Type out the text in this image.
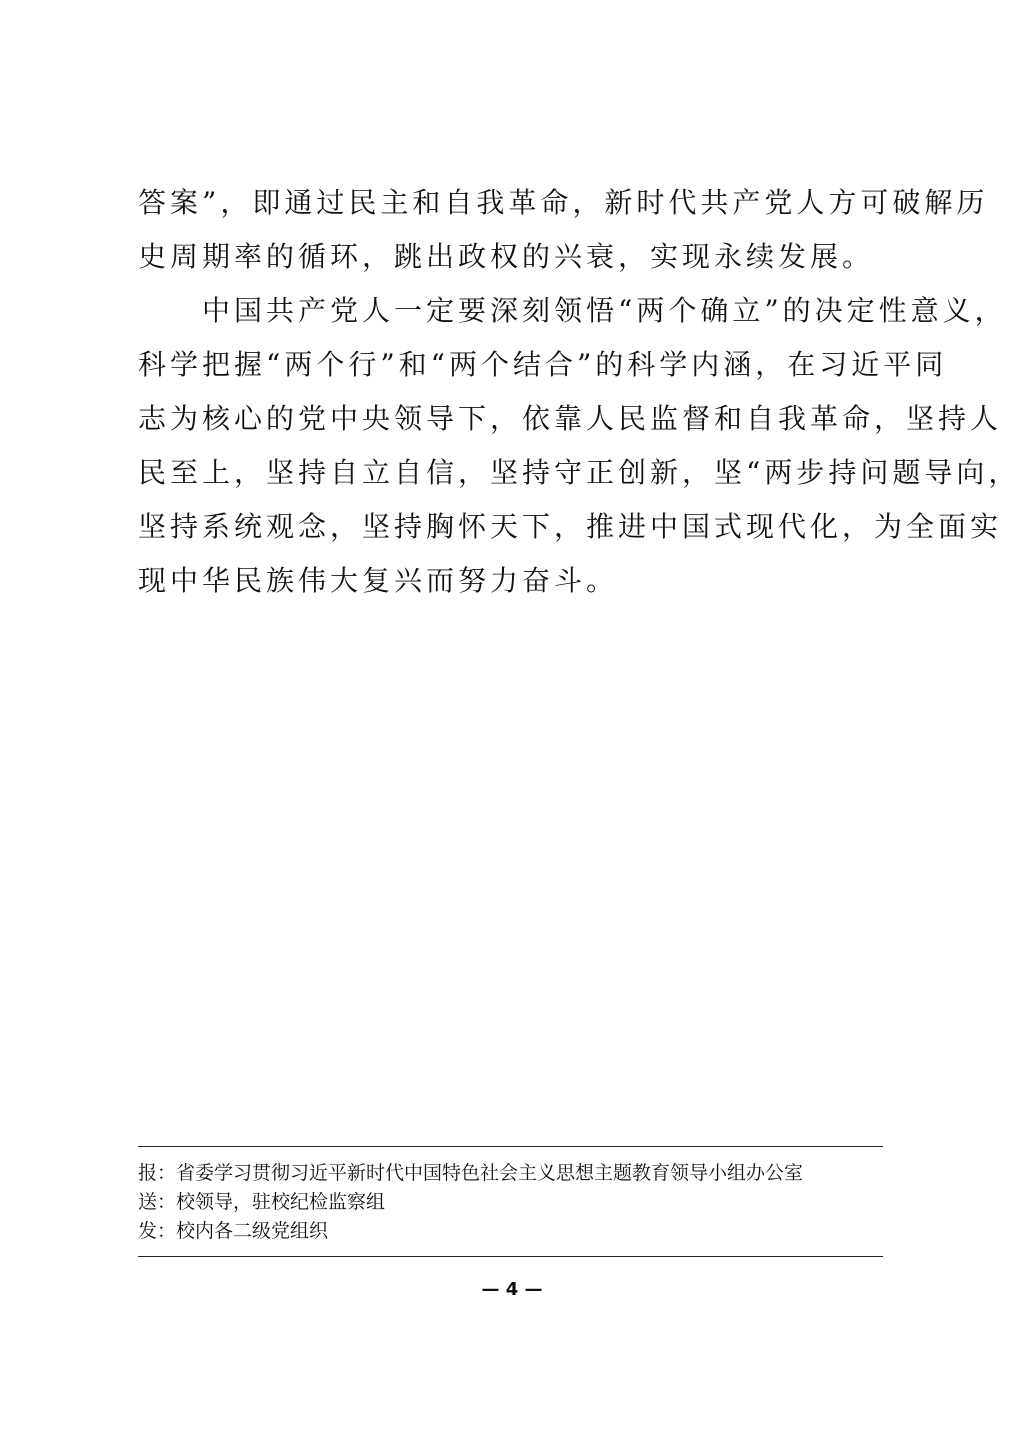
答案”，即通过民主和自我革命，新时代共产党人方可破解历
史周期率的循环，跳出政权的兴衰，实现永续发展。
　　中国共产党人一定要深刻领悟“两个确立”的决定性意义，
科学把握“两个行”和“两个结合”的科学内涵，在习近平同
志为核心的党中央领导下，依靠人民监督和自我革命，坚持人
民至上，坚持自立自信，坚持守正创新，坚“两步持问题导向，
坚持系统观念，坚持胸怀天下，推进中国式现代化，为全面实
现中华民族伟大复兴而努力奋斗。
报：省委学习贯彻习近平新时代中国特色社会主义思想主题教育领导小组办公室
送：校领导，驻校纪检监察组
发：校内各二级党组织
— 4 —
